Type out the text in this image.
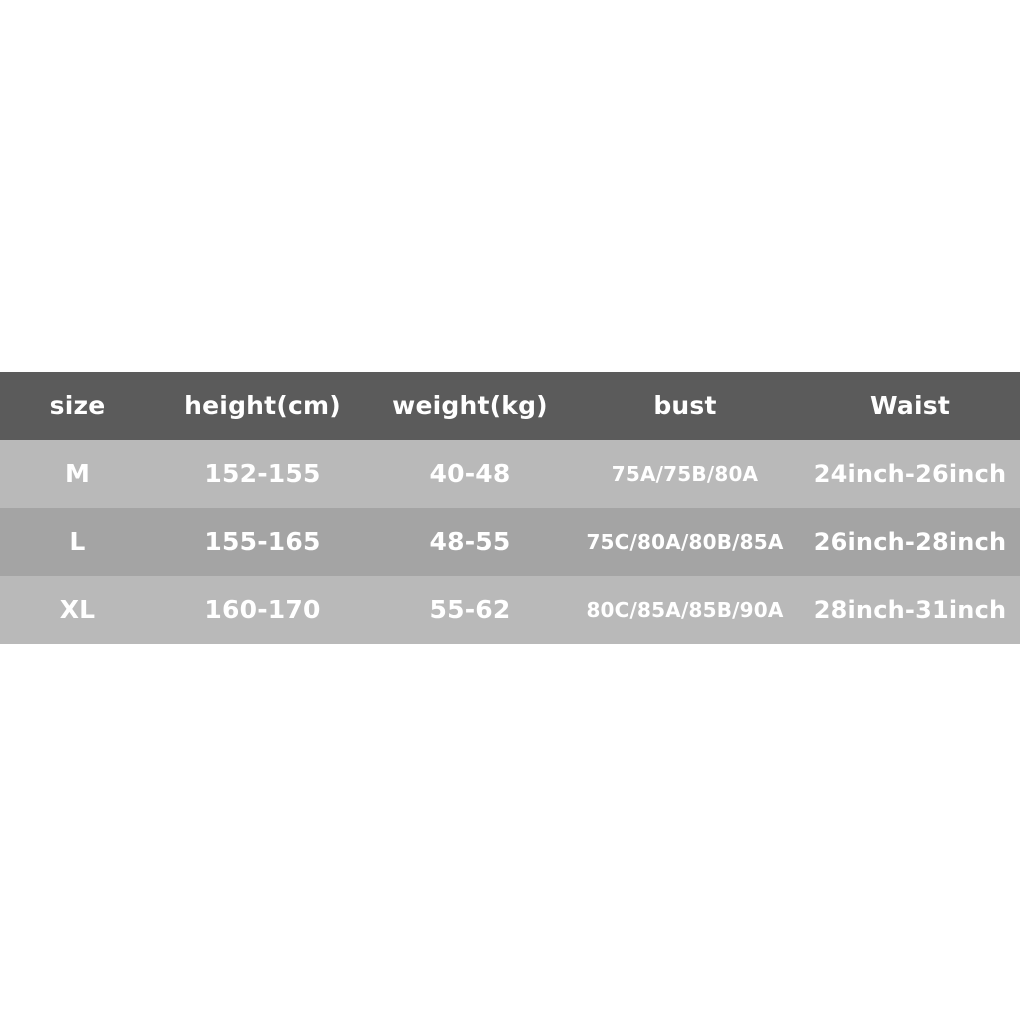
size	height(cm)	weight(kg)	bust	Waist
M	152-155	40-48	75A/75B/80A	24inch-26inch
L	155-165	48-55	75C/80A/80B/85A	26inch-28inch
XL	160-170	55-62	80C/85A/85B/90A	28inch-31inch
